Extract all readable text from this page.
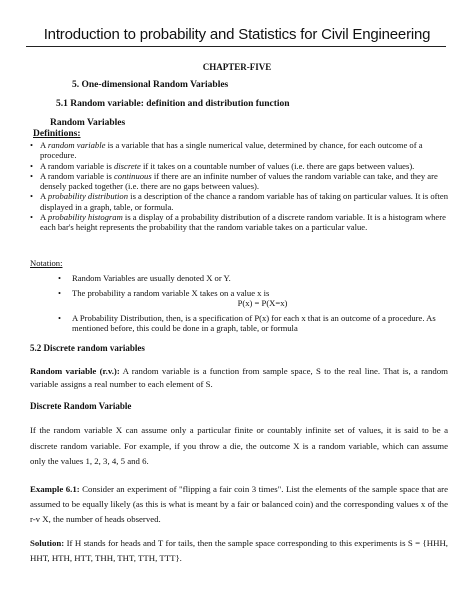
Introduction to probability and Statistics for Civil Engineering
CHAPTER-FIVE
5. One-dimensional Random Variables
5.1 Random variable: definition and distribution function
Random Variables
Definitions:
• A random variable is a variable that has a single numerical value, determined by chance, for each outcome of a procedure.
• A random variable is discrete if it takes on a countable number of values (i.e. there are gaps between values).
• A random variable is continuous if there are an infinite number of values the random variable can take, and they are densely packed together (i.e. there are no gaps between values).
• A probability distribution is a description of the chance a random variable has of taking on particular values. It is often displayed in a graph, table, or formula.
• A probability histogram is a display of a probability distribution of a discrete random variable. It is a histogram where each bar's height represents the probability that the random variable takes on a particular value.
Notation:
• Random Variables are usually denoted X or Y.
• The probability a random variable X takes on a value x is
P(x) = P(X=x)
• A Probability Distribution, then, is a specification of P(x) for each x that is an outcome of a procedure. As mentioned before, this could be done in a graph, table, or formula
5.2 Discrete random variables
Random variable (r.v.): A random variable is a function from sample space, S to the real line. That is, a random variable assigns a real number to each element of S.
Discrete Random Variable
If the random variable X can assume only a particular finite or countably infinite set of values, it is said to be a discrete random variable. For example, if you throw a die, the outcome X is a random variable, which can assume only the values 1, 2, 3, 4, 5 and 6.
Example 6.1: Consider an experiment of "flipping a fair coin 3 times". List the elements of the sample space that are assumed to be equally likely (as this is what is meant by a fair or balanced coin) and the corresponding values x of the r-v X, the number of heads observed.
Solution: If H stands for heads and T for tails, then the sample space corresponding to this experiments is S = {HHH, HHT, HTH, HTT, THH, THT, TTH, TTT}.
